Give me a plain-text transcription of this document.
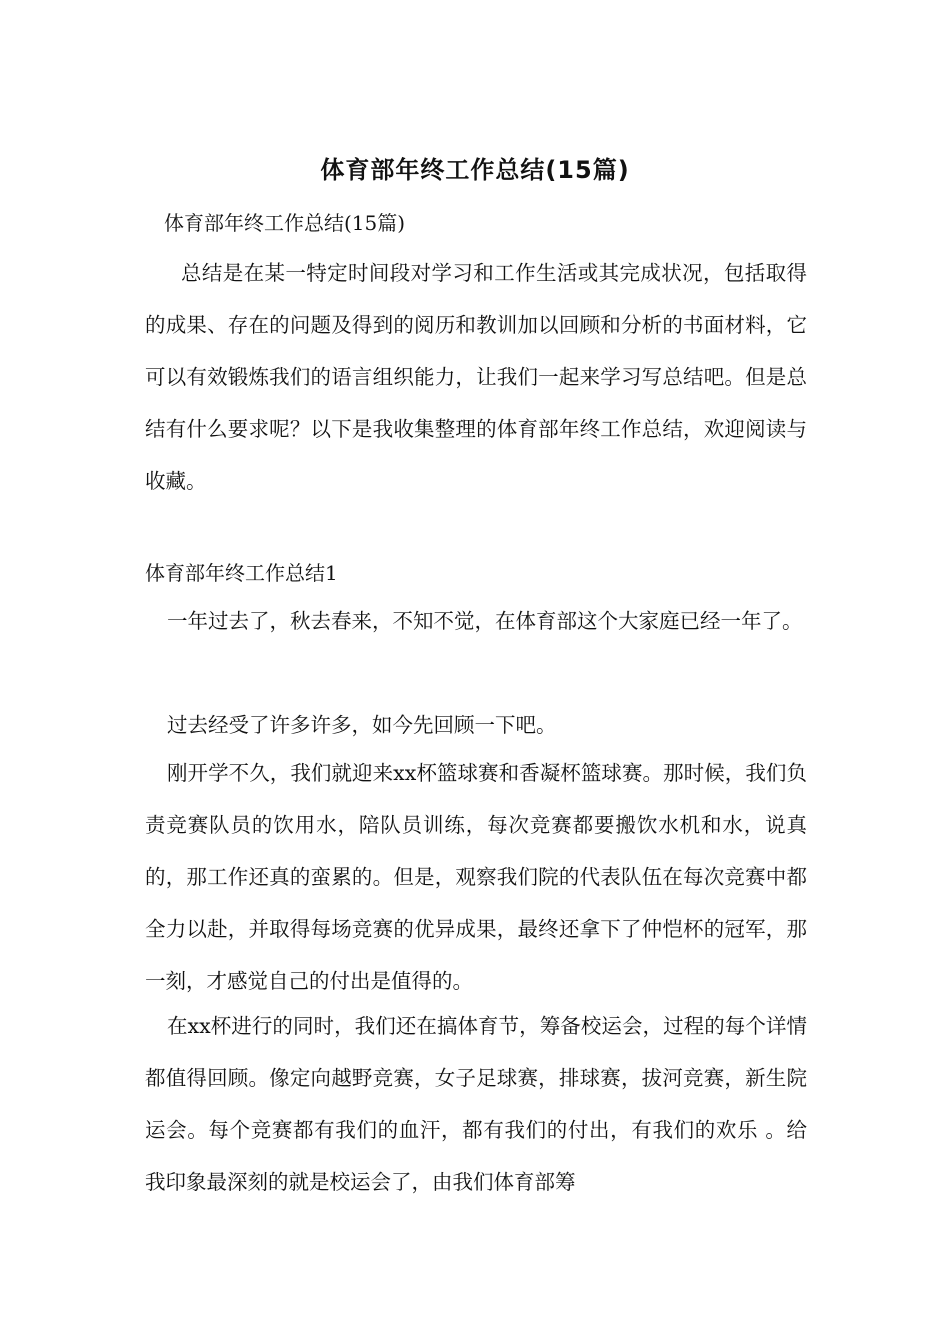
体育部年终工作总结(15篇)
体育部年终工作总结(15篇)

总结是在某一特定时间段对学习和工作生活或其完成状况，包括取得的成果、存在的问题及得到的阅历和教训加以回顾和分析的书面材料，它可以有效锻炼我们的语言组织能力，让我们一起来学习写总结吧。但是总结有什么要求呢？以下是我收集整理的体育部年终工作总结，欢迎阅读与收藏。

体育部年终工作总结1

一年过去了，秋去春来，不知不觉，在体育部这个大家庭已经一年了。

过去经受了许多许多，如今先回顾一下吧。

刚开学不久，我们就迎来xx杯篮球赛和香凝杯篮球赛。那时候，我们负责竞赛队员的饮用水，陪队员训练，每次竞赛都要搬饮水机和水，说真的，那工作还真的蛮累的。但是，观察我们院的代表队伍在每次竞赛中都全力以赴，并取得每场竞赛的优异成果，最终还拿下了仲恺杯的冠军，那一刻，才感觉自己的付出是值得的。

在xx杯进行的同时，我们还在搞体育节，筹备校运会，过程的每个详情都值得回顾。像定向越野竞赛，女子足球赛，排球赛，拔河竞赛，新生院运会。每个竞赛都有我们的血汗，都有我们的付出，有我们的欢乐 。给我印象最深刻的就是校运会了，由我们体育部筹
